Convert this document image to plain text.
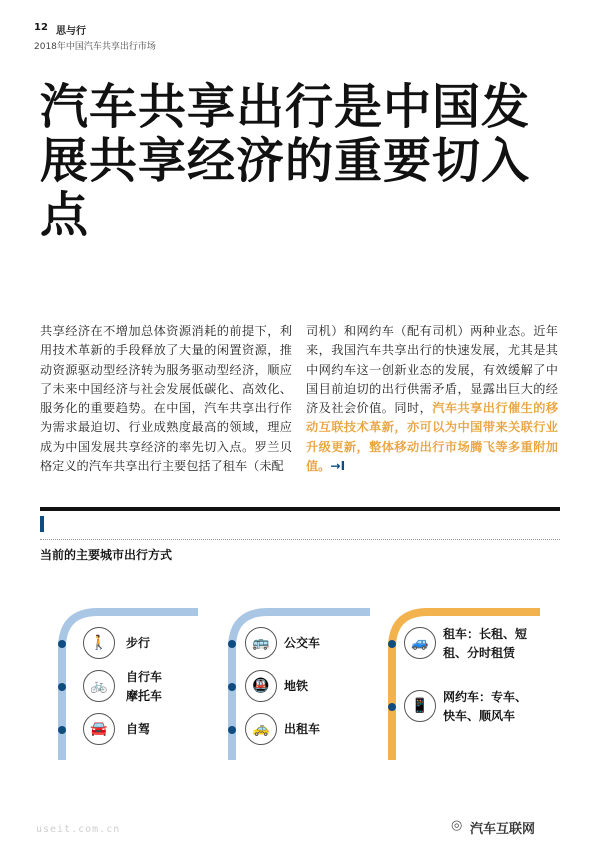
12 思与行
2018年中国汽车共享出行市场
汽车共享出行是中国发展共享经济的重要切入点
共享经济在不增加总体资源消耗的前提下，利用技术革新的手段释放了大量的闲置资源，推动资源驱动型经济转为服务驱动型经济，顺应了未来中国经济与社会发展低碳化、高效化、服务化的重要趋势。在中国，汽车共享出行作为需求最迫切、行业成熟度最高的领域，理应成为中国发展共享经济的率先切入点。罗兰贝格定义的汽车共享出行主要包括了租车（未配
司机）和网约车（配有司机）两种业态。近年来，我国汽车共享出行的快速发展，尤其是其中网约车这一创新业态的发展，有效缓解了中国目前迫切的出行供需矛盾，显露出巨大的经济及社会价值。同时，汽车共享出行催生的移动互联技术革新，亦可以为中国带来关联行业升级更新，整体移动出行市场腾飞等多重附加值。→I
当前的主要城市出行方式
🚶	步行
🚲
自行车
摩托车
🚘	自驾
🚌	公交车
🚇	地铁
🚕	出租车
🚙
租车：长租、短
租、分时租赁
📱
网约车：专车、
快车、顺风车
useit.com.cn	◎ 汽车互联网
